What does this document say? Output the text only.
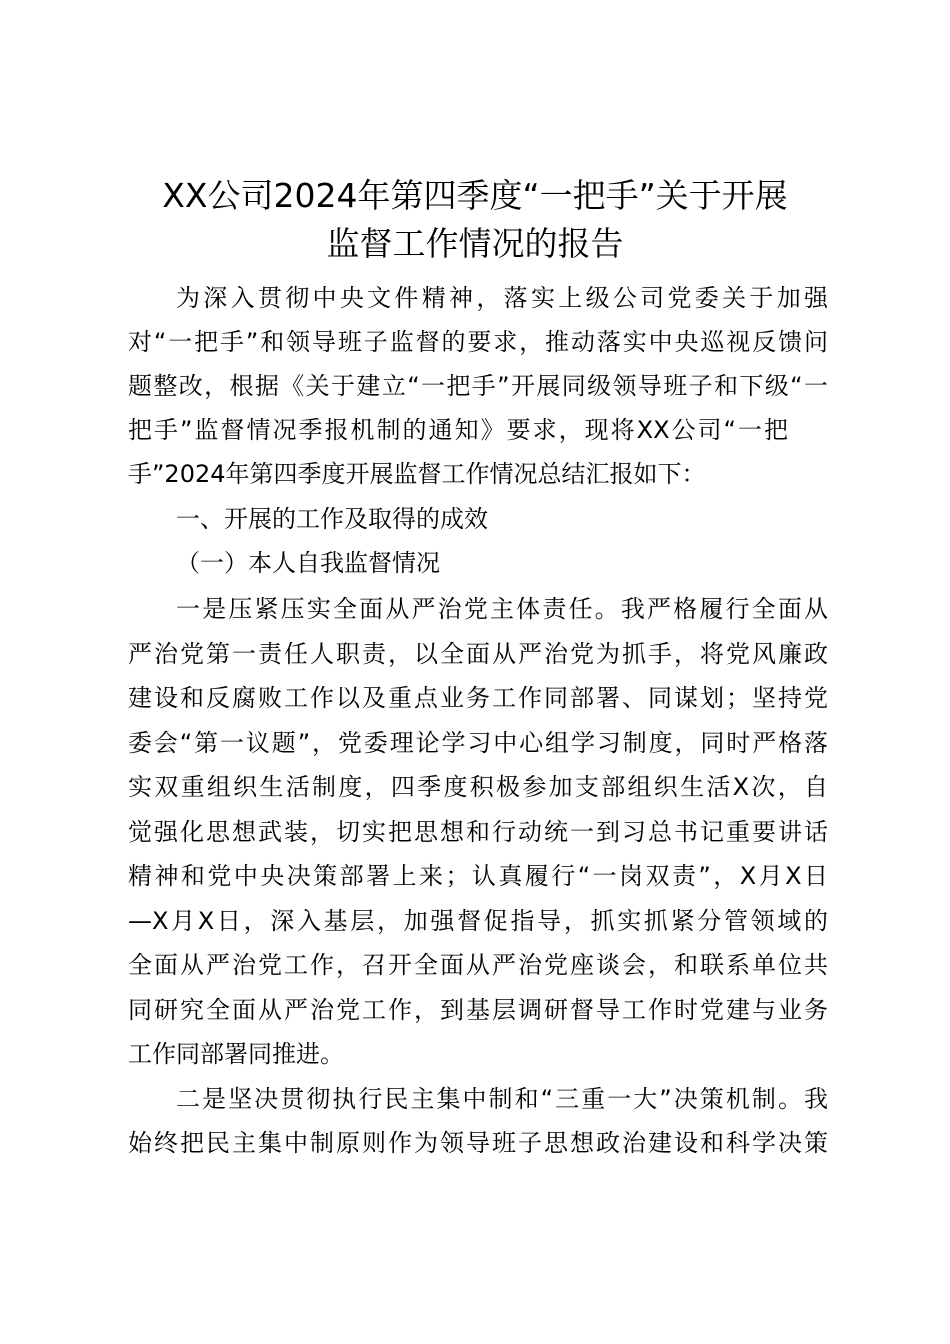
XX公司2024年第四季度“一把手”关于开展
监督工作情况的报告

为深入贯彻中央文件精神，落实上级公司党委关于加强

对“一把手”和领导班子监督的要求，推动落实中央巡视反馈问

题整改，根据《关于建立“一把手”开展同级领导班子和下级“一

把手”监督情况季报机制的通知》要求，现将XX公司“一把

手”2024年第四季度开展监督工作情况总结汇报如下：

一、开展的工作及取得的成效

（一）本人自我监督情况

一是压紧压实全面从严治党主体责任。我严格履行全面从

严治党第一责任人职责，以全面从严治党为抓手，将党风廉政

建设和反腐败工作以及重点业务工作同部署、同谋划；坚持党

委会“第一议题”，党委理论学习中心组学习制度，同时严格落

实双重组织生活制度，四季度积极参加支部组织生活X次，自

觉强化思想武装，切实把思想和行动统一到习总书记重要讲话

精神和党中央决策部署上来；认真履行“一岗双责”，X月X日

—X月X日，深入基层，加强督促指导，抓实抓紧分管领域的

全面从严治党工作，召开全面从严治党座谈会，和联系单位共

同研究全面从严治党工作，到基层调研督导工作时党建与业务

工作同部署同推进。

二是坚决贯彻执行民主集中制和“三重一大”决策机制。我

始终把民主集中制原则作为领导班子思想政治建设和科学决策
